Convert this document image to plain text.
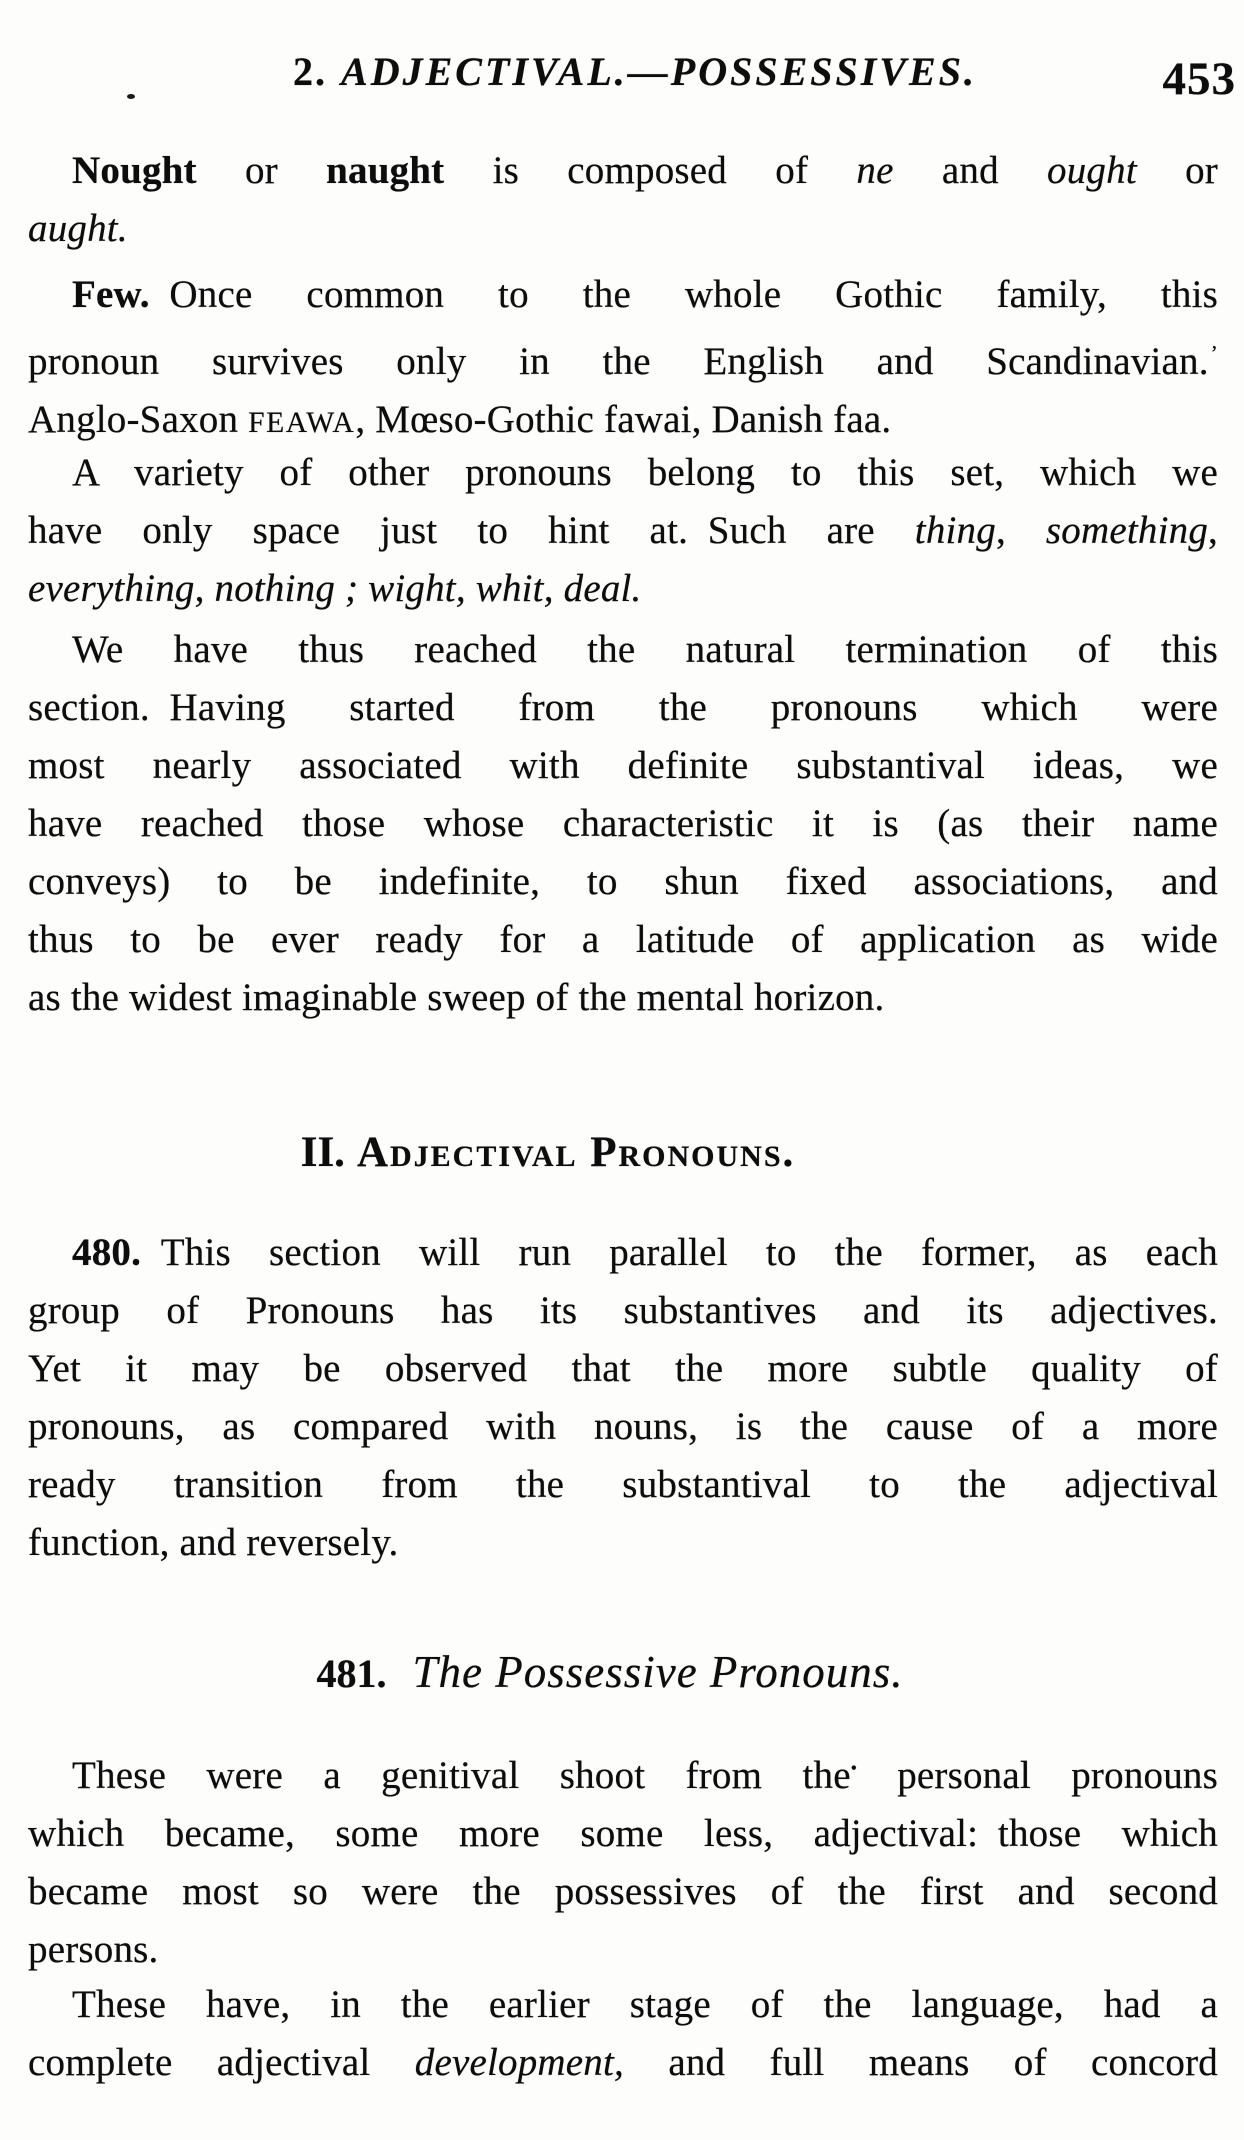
2. ADJECTIVAL.—POSSESSIVES.	453
Nought or naught is composed of ne and ought or
aught.
Few. Once common to the whole Gothic family, this
pronoun survives only in the English and Scandinavian.’
Anglo-Saxon FEAWA, Mœso-Gothic fawai, Danish faa.
A variety of other pronouns belong to this set, which we
have only space just to hint at. Such are thing, something,
everything, nothing ; wight, whit, deal.
We have thus reached the natural termination of this
section. Having started from the pronouns which were
most nearly associated with definite substantival ideas, we
have reached those whose characteristic it is (as their name
conveys) to be indefinite, to shun fixed associations, and
thus to be ever ready for a latitude of application as wide
as the widest imaginable sweep of the mental horizon.
II. Adjectival Pronouns.
480. This section will run parallel to the former, as each
group of Pronouns has its substantives and its adjectives.
Yet it may be observed that the more subtle quality of
pronouns, as compared with nouns, is the cause of a more
ready transition from the substantival to the adjectival
function, and reversely.
481. The Possessive Pronouns.
These were a genitival shoot from the• personal pronouns
which became, some more some less, adjectival: those which
became most so were the possessives of the first and second
persons.
These have, in the earlier stage of the language, had a
complete adjectival development, and full means of concord
